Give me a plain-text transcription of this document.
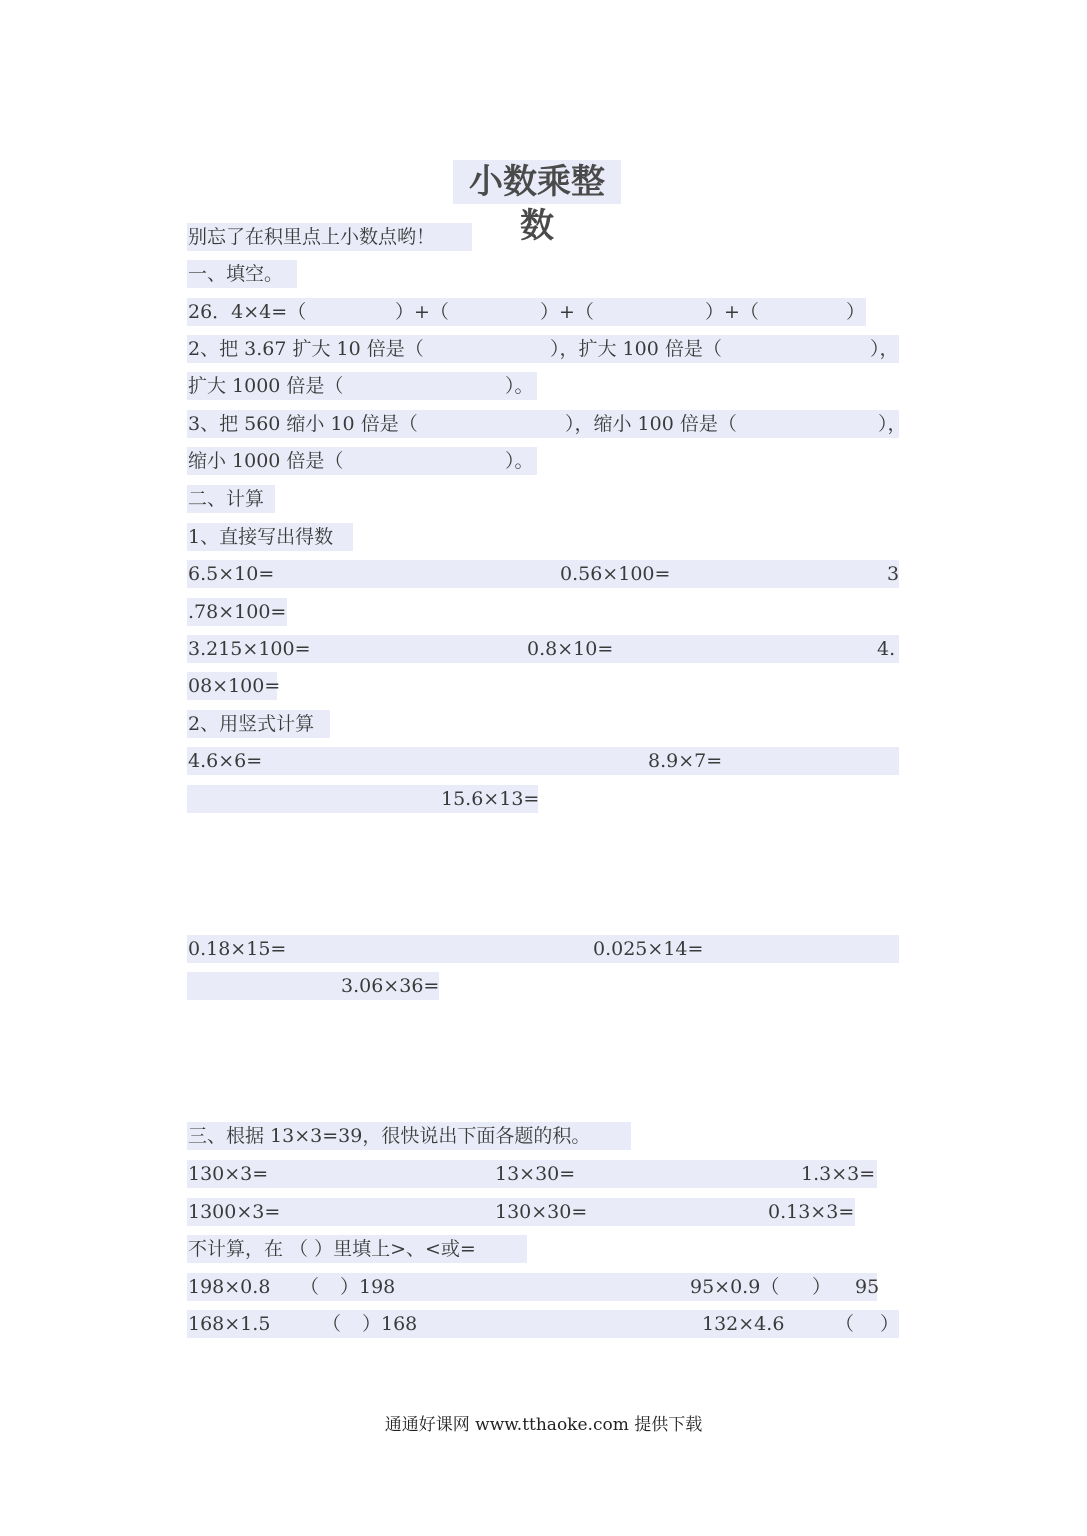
小数乘整数
别忘了在积里点上小数点哟！
一、填空。
26．4×4=（	）+（	）+（	）+（	）
2、把 3.67 扩大 10 倍是（	），扩大 100 倍是（	），
扩大 1000 倍是（	）。
3、把 560 缩小 10 倍是（	），缩小 100 倍是（	），
缩小 1000 倍是（	）。
二、计算
1、直接写出得数
6.5×10=	0.56×100=	3
.78×100=
3.215×100=	0.8×10=	4.
08×100=
2、用竖式计算
4.6×6=	8.9×7=
15.6×13=
0.18×15=	0.025×14=
3.06×36=
三、根据 13×3=39，很快说出下面各题的积。
130×3=	13×30=	1.3×3=
1300×3=	130×30=	0.13×3=
不计算，在 （ ）里填上>、<或=
198×0.8 （ ）198	95×0.9（ ） 95
168×1.5	（ ）168	132×4.6	（ ）
通通好课网 www.tthaoke.com 提供下载
